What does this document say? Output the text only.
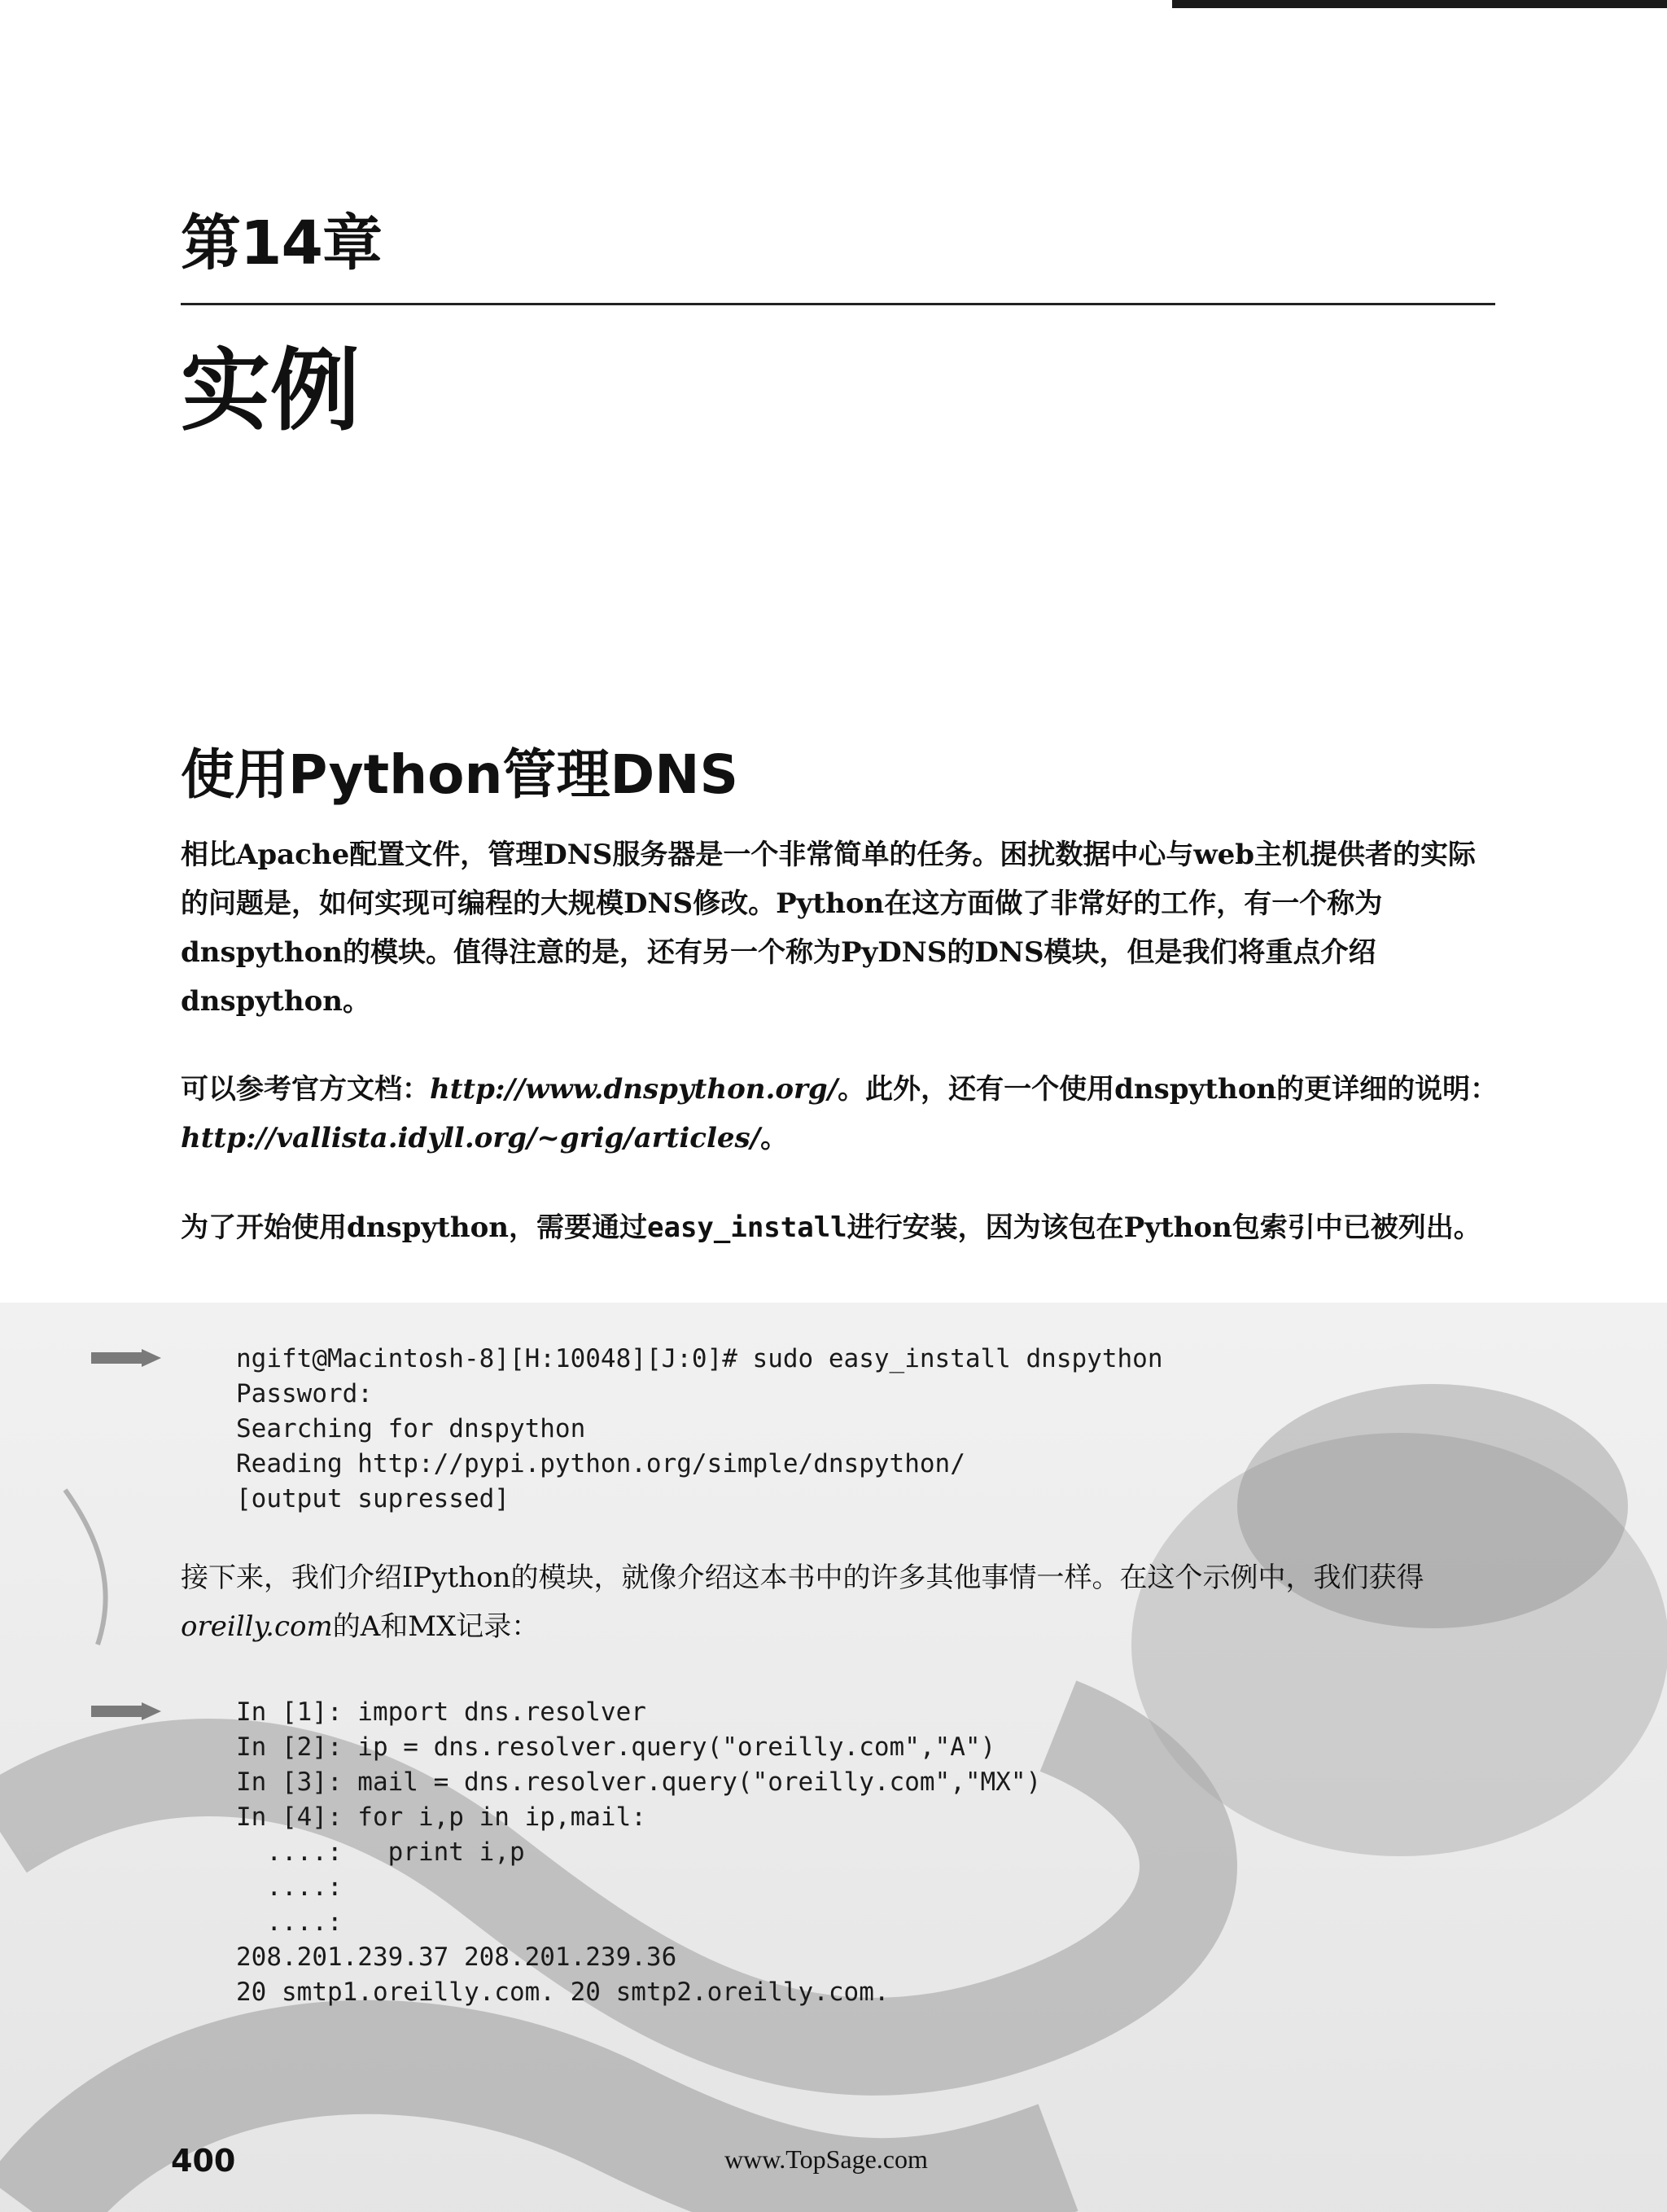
第14章
实例
使用Python管理DNS
相比Apache配置文件，管理DNS服务器是一个非常简单的任务。困扰数据中心与web主机提供者的实际的问题是，如何实现可编程的大规模DNS修改。Python在这方面做了非常好的工作，有一个称为dnspython的模块。值得注意的是，还有另一个称为PyDNS的DNS模块，但是我们将重点介绍dnspython。
可以参考官方文档：http://www.dnspython.org/。此外，还有一个使用dnspython的更详细的说明：http://vallista.idyll.org/~grig/articles/。
为了开始使用dnspython，需要通过easy_install进行安装，因为该包在Python包索引中已被列出。
ngift@Macintosh-8][H:10048][J:0]# sudo easy_install dnspython
Password:
Searching for dnspython
Reading http://pypi.python.org/simple/dnspython/
[output supressed]
接下来，我们介绍IPython的模块，就像介绍这本书中的许多其他事情一样。在这个示例中，我们获得oreilly.com的A和MX记录：
In [1]: import dns.resolver
In [2]: ip = dns.resolver.query("oreilly.com","A")
In [3]: mail = dns.resolver.query("oreilly.com","MX")
In [4]: for i,p in ip,mail:
....:   print i,p
....:
....:
208.201.239.37 208.201.239.36
20 smtp1.oreilly.com. 20 smtp2.oreilly.com.
400	www.TopSage.com
